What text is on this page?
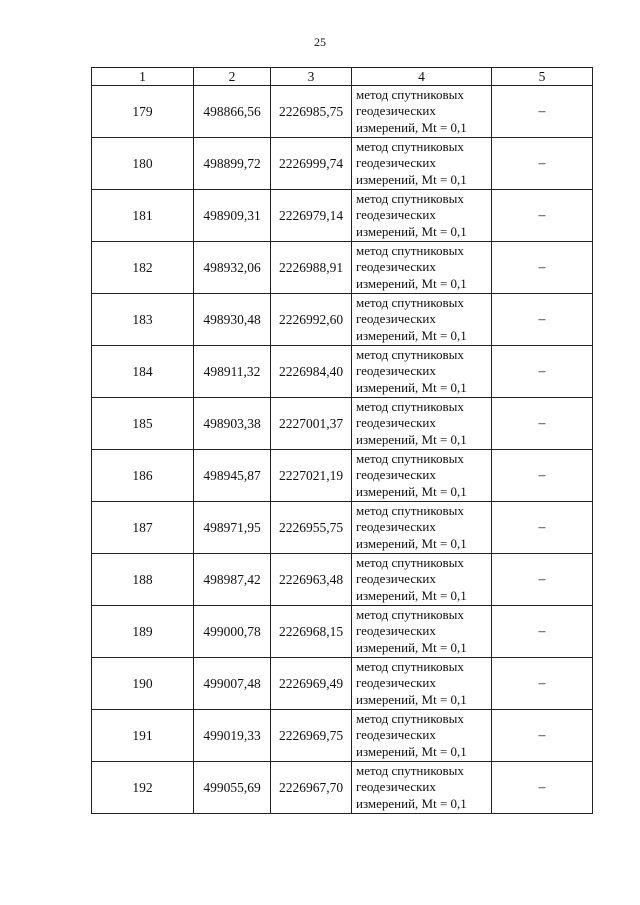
25
1	2	3	4	5
179	498866,56	2226985,75	метод спутниковых
геодезических
измерений, Mt = 0,1	–
180	498899,72	2226999,74	метод спутниковых
геодезических
измерений, Mt = 0,1	–
181	498909,31	2226979,14	метод спутниковых
геодезических
измерений, Mt = 0,1	–
182	498932,06	2226988,91	метод спутниковых
геодезических
измерений, Mt = 0,1	–
183	498930,48	2226992,60	метод спутниковых
геодезических
измерений, Mt = 0,1	–
184	498911,32	2226984,40	метод спутниковых
геодезических
измерений, Mt = 0,1	–
185	498903,38	2227001,37	метод спутниковых
геодезических
измерений, Mt = 0,1	–
186	498945,87	2227021,19	метод спутниковых
геодезических
измерений, Mt = 0,1	–
187	498971,95	2226955,75	метод спутниковых
геодезических
измерений, Mt = 0,1	–
188	498987,42	2226963,48	метод спутниковых
геодезических
измерений, Mt = 0,1	–
189	499000,78	2226968,15	метод спутниковых
геодезических
измерений, Mt = 0,1	–
190	499007,48	2226969,49	метод спутниковых
геодезических
измерений, Mt = 0,1	–
191	499019,33	2226969,75	метод спутниковых
геодезических
измерений, Mt = 0,1	–
192	499055,69	2226967,70	метод спутниковых
геодезических
измерений, Mt = 0,1	–
